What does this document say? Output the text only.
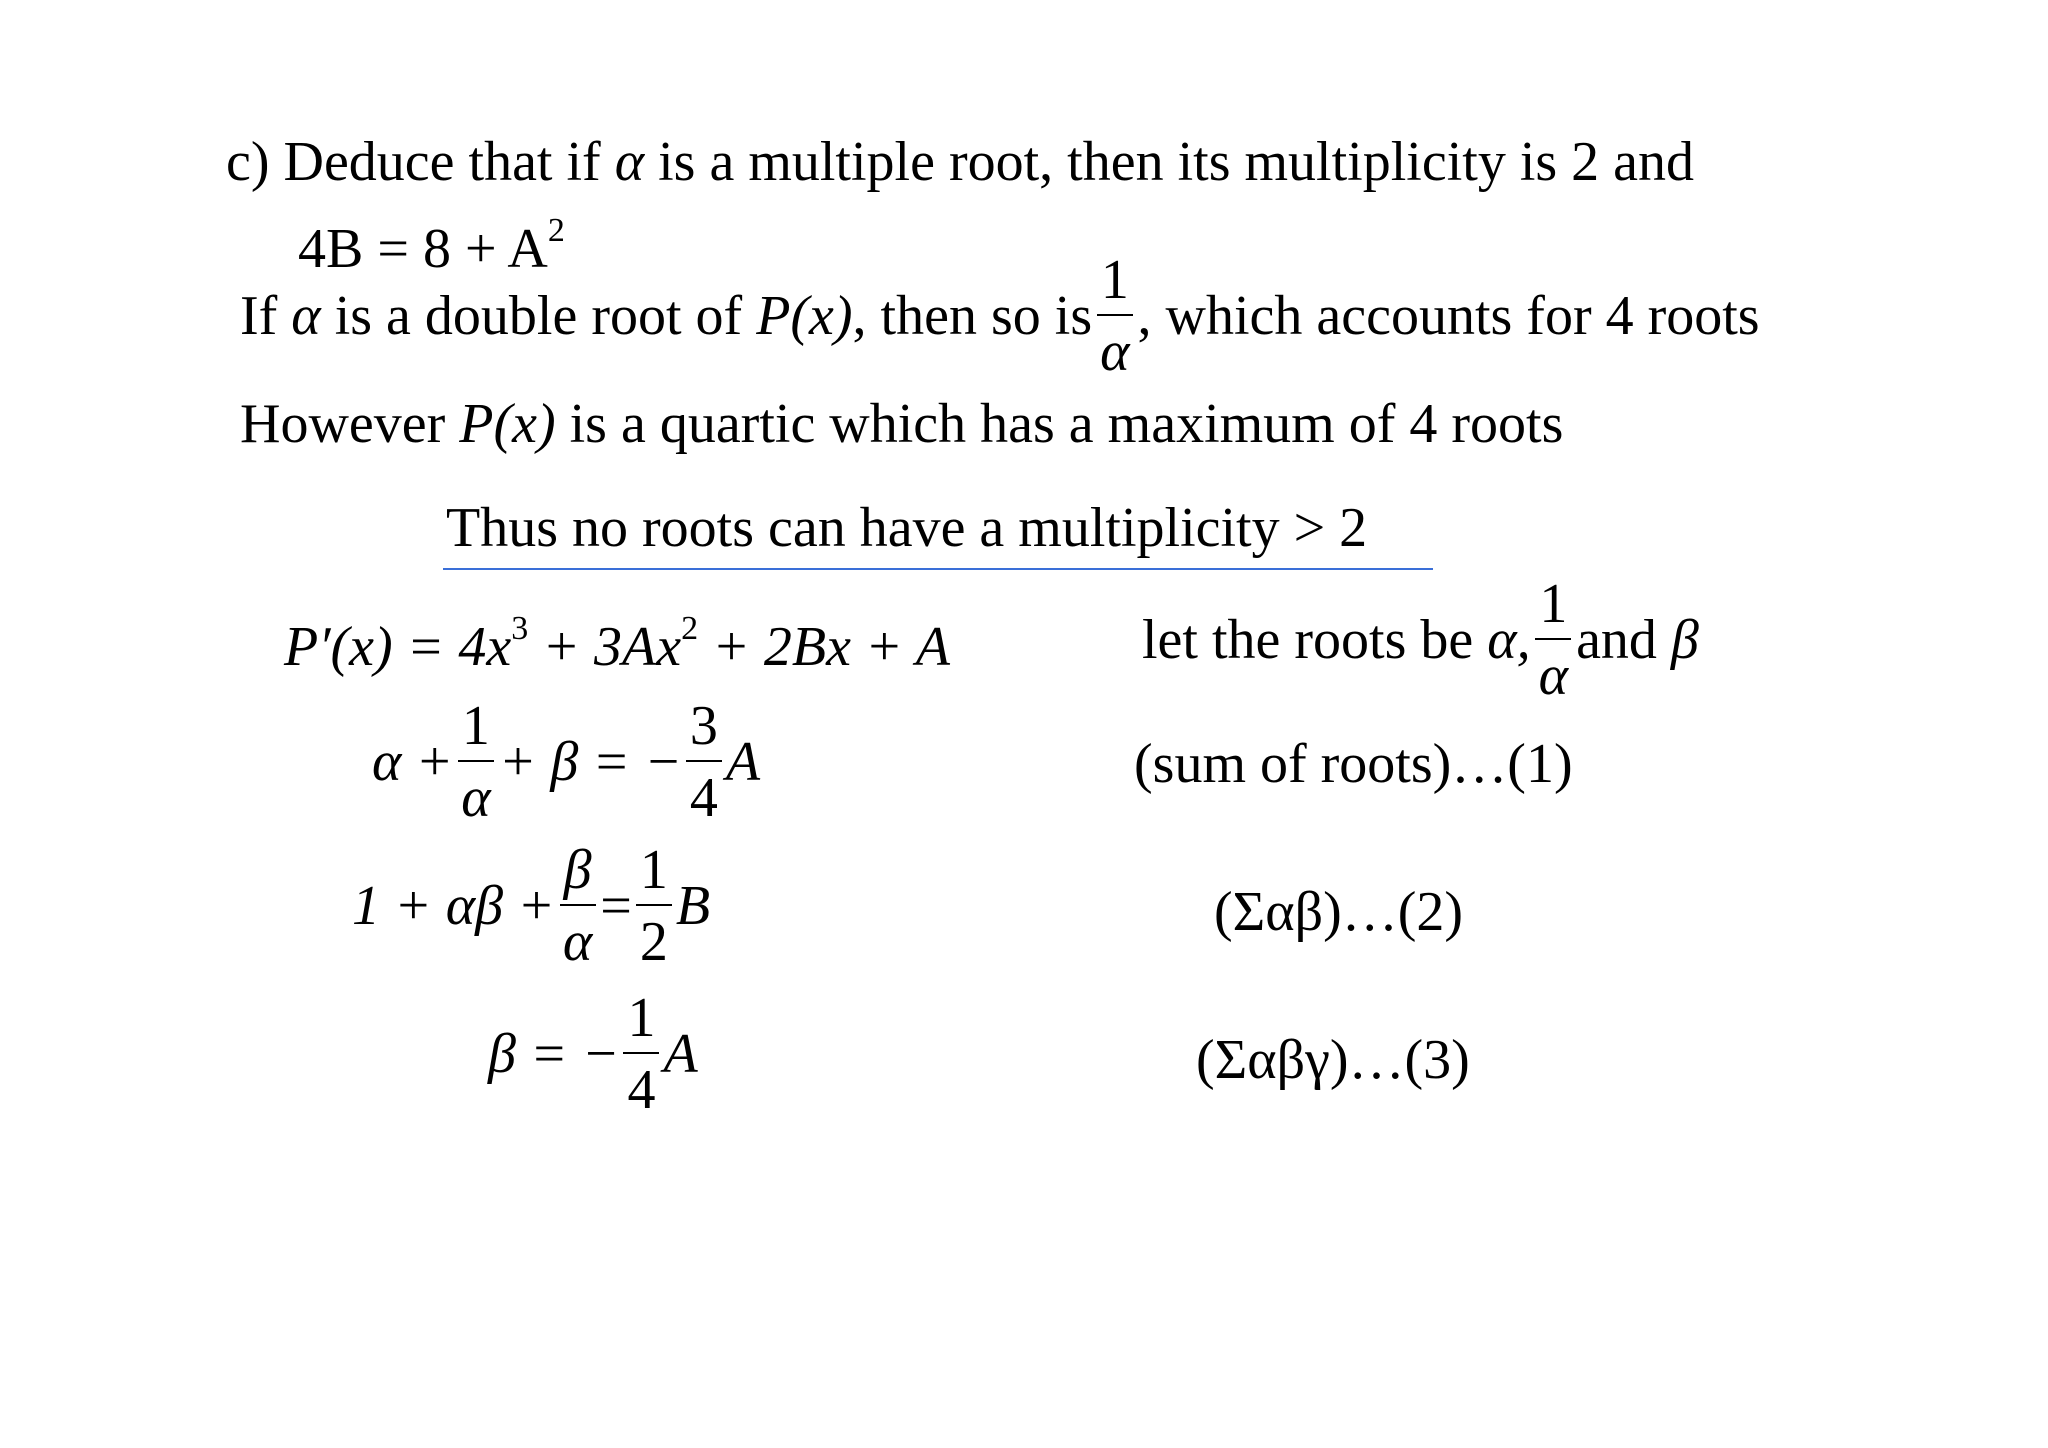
c) Deduce that if α is a multiple root, then its multiplicity is 2 and
$4B = 8 + A^2$
If
α
is a double root of
P(x) , then so is $\frac{1}{\alpha}$ , which accounts for 4 roots
However P(x) is a quartic which has a maximum of 4 roots
Thus no roots can have a multiplicity > 2
$P'(x) = 4x^3 + 3Ax^2 + 2Bx + A$	let the roots be
α, $\frac{1}{\alpha}$ and
β
$\alpha + \frac{1}{\alpha} + \beta$ = − $\frac{3}{4}$ A	(sum of roots)…(1)
$1 + \alpha\beta + \frac{\beta}{\alpha} = \frac{1}{2}$ B	(Σαβ)…(2)
β = − $\frac{1}{4}$ A	(Σαβγ)…(3)
